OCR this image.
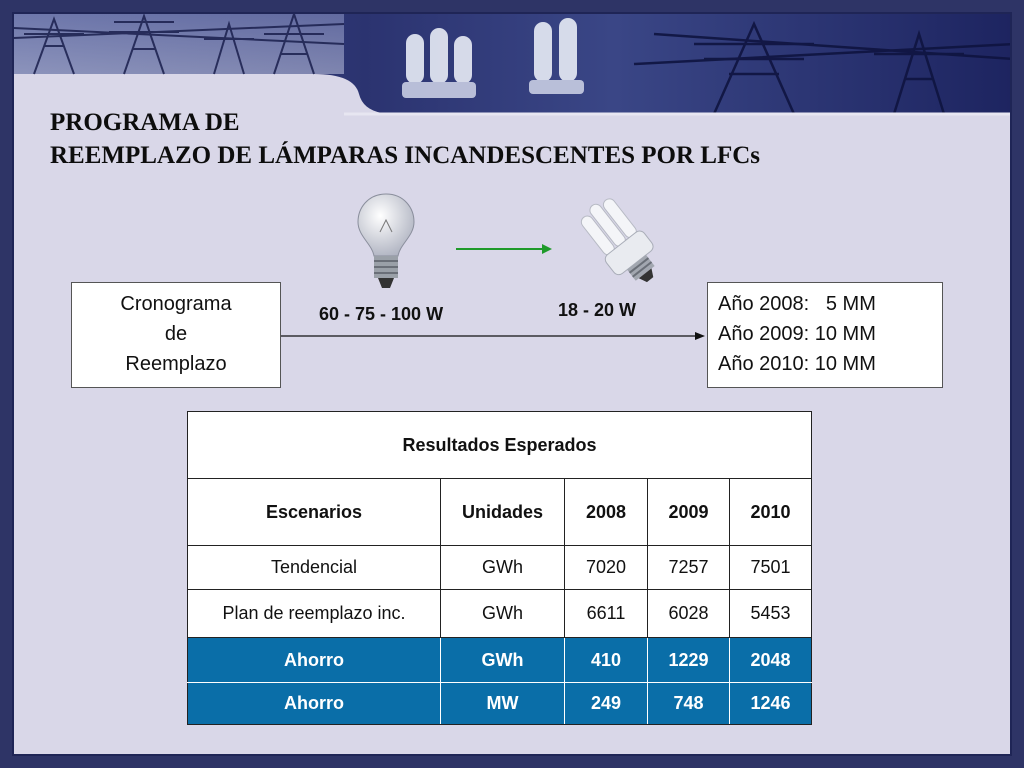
PROGRAMA DE
REEMPLAZO DE LÁMPARAS INCANDESCENTES POR LFCs
Cronograma
de
Reemplazo
60 - 75 - 100 W	18 - 20 W	Año 2008:   5 MM
Año 2009: 10 MM
Año 2010: 10 MM
Resultados Esperados				
Escenarios	Unidades	2008	2009	2010
Tendencial	GWh	7020	7257	7501
Plan de reemplazo inc.	GWh	6611	6028	5453
Ahorro	GWh	410	1229	2048
Ahorro	MW	249	748	1246
